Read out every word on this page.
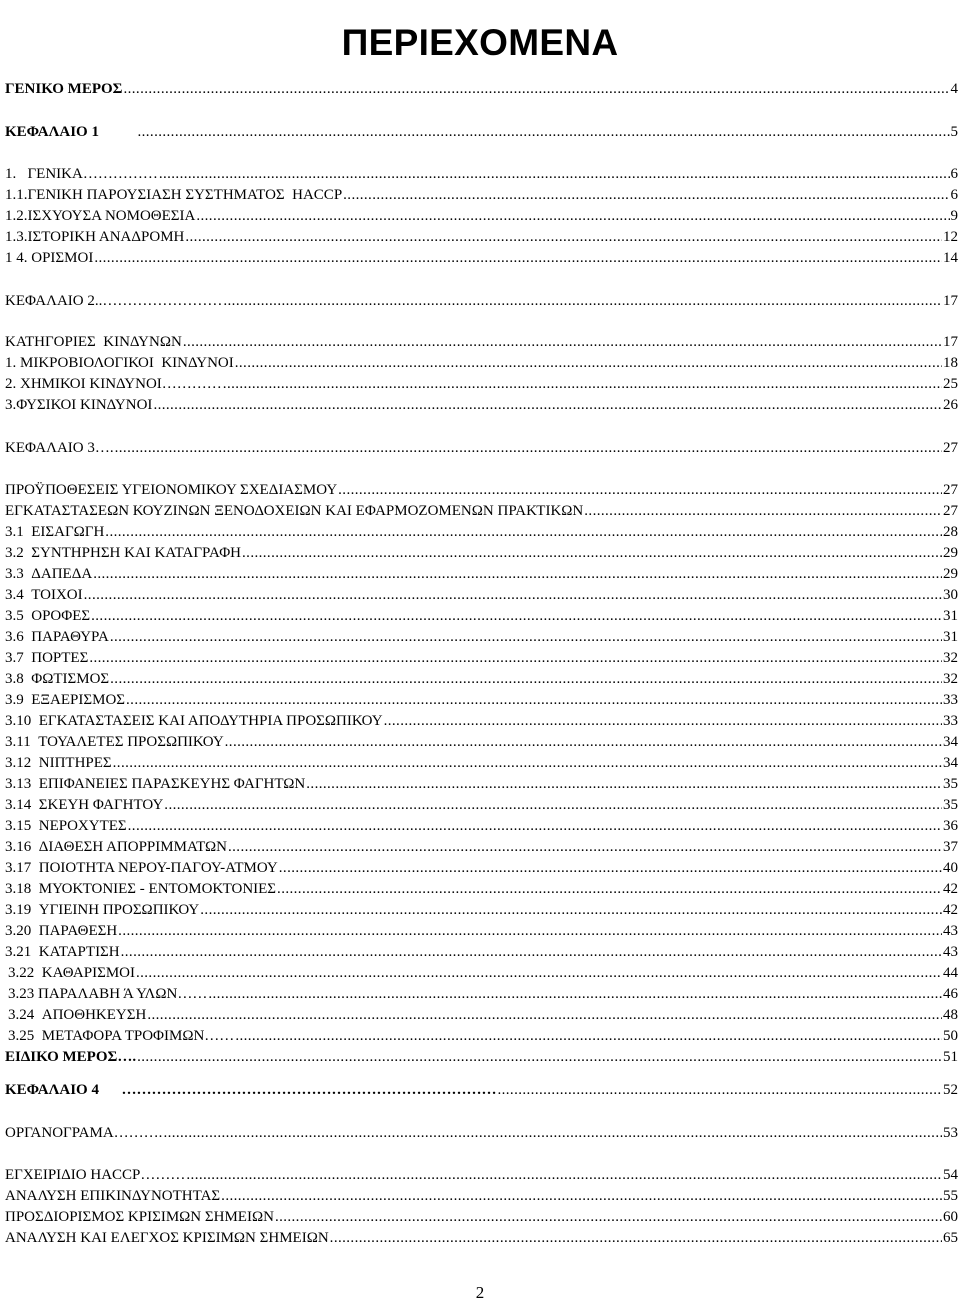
ΠΕΡΙΕΧΟΜΕΝΑ
ΓΕΝΙΚΟ ΜΕΡΟΣ .....	4
ΚΕΦΑΛΑΙΟ 1 .....	5
1.   ΓΕΝΙΚΑ…………… .....	6
1.1.ΓΕΝΙΚΗ ΠΑΡΟΥΣΙΑΣΗ ΣΥΣΤΗΜΑΤΟΣ  HACCP .....	6
1.2.ΙΣΧΥΟΥΣΑ ΝΟΜΟΘΕΣΙΑ .....	9
1.3.ΙΣΤΟΡΙΚΗ ΑΝΑΔΡΟΜΗ .....	12
1 4. ΟΡΙΣΜΟΙ .....	14
ΚΕΦΑΛΑΙΟ 2..…………………… .....	17
ΚΑΤΗΓΟΡΙΕΣ  ΚΙΝΔΥΝΩΝ .....	17
1. ΜΙΚΡΟΒΙΟΛΟΓΙΚΟΙ  ΚΙΝΔΥΝΟΙ .....	18
2. ΧΗΜΙΚΟΙ ΚΙΝΔΥΝΟΙ………… .....	25
3.ΦΥΣΙΚΟΙ ΚΙΝΔΥΝΟΙ .....	26
ΚΕΦΑΛΑΙΟ 3…. .....	27
ΠΡΟΫΠΟΘΕΣΕΙΣ ΥΓΕΙΟΝΟΜΙΚΟΥ ΣΧΕΔΙΑΣΜΟΥ .....	27
ΕΓΚΑΤΑΣΤΑΣΕΩΝ ΚΟΥΖΙΝΩΝ ΞΕΝΟΔΟΧΕΙΩΝ ΚΑΙ ΕΦΑΡΜΟΖΟΜΕΝΩΝ ΠΡΑΚΤΙΚΩΝ .....	27
3.1  ΕΙΣΑΓΩΓΗ .....	28
3.2  ΣΥΝΤΗΡΗΣΗ ΚΑΙ ΚΑΤΑΓΡΑΦΗ .....	29
3.3  ΔΑΠΕΔΑ .....	29
3.4  ΤΟΙΧΟΙ .....	30
3.5  ΟΡΟΦΕΣ .....	31
3.6  ΠΑΡΑΘΥΡΑ .....	31
3.7  ΠΟΡΤΕΣ .....	32
3.8  ΦΩΤΙΣΜΟΣ .....	32
3.9  ΕΞΑΕΡΙΣΜΟΣ .....	33
3.10  ΕΓΚΑΤΑΣΤΑΣΕΙΣ ΚΑΙ ΑΠΟΔΥΤΗΡΙΑ ΠΡΟΣΩΠΙΚΟΥ .....	33
3.11  ΤΟΥΑΛΕΤΕΣ ΠΡΟΣΩΠΙΚΟΥ .....	34
3.12  ΝΙΠΤΗΡΕΣ .....	34
3.13  ΕΠΙΦΑΝΕΙΕΣ ΠΑΡΑΣΚΕΥΗΣ ΦΑΓΗΤΩΝ .....	35
3.14  ΣΚΕΥΗ ΦΑΓΗΤΟΥ .....	35
3.15  ΝΕΡΟΧΥΤΕΣ .....	36
3.16  ΔΙΑΘΕΣΗ ΑΠΟΡΡΙΜΜΑΤΩΝ .....	37
3.17  ΠΟΙΟΤΗΤΑ ΝΕΡΟΥ-ΠΑΓΟΥ-ΑΤΜΟΥ .....	40
3.18  ΜΥΟΚΤΟΝΙΕΣ - ΕΝΤΟΜΟΚΤΟΝΙΕΣ .....	42
3.19  ΥΓΙΕΙΝΗ ΠΡΟΣΩΠΙΚΟΥ .....	42
3.20  ΠΑΡΑΘΕΣΗ .....	43
3.21  ΚΑΤΑΡΤΙΣΗ .....	43
3.22  ΚΑΘΑΡΙΣΜΟΙ .....	44
3.23 ΠΑΡΑΛΑΒΗ Ά ΥΛΩΝ…… .....	46
3.24  ΑΠΟΘΗΚΕΥΣΗ .....	48
3.25  ΜΕΤΑΦΟΡΑ ΤΡΟΦΙΜΩΝ…… .....	50
ΕΙΔΙΚΟ ΜΕΡΟΣ…. .....	51
ΚΕΦΑΛΑΙΟ 4      ………………………………………………………………… .....	52
ΟΡΓΑΝΟΓΡΑΜΑ………. .....	53
ΕΓΧΕΙΡΙΔΙΟ HACCP……… .....	54
ΑΝΑΛΥΣΗ ΕΠΙΚΙΝΔΥΝΟΤΗΤΑΣ .....	55
ΠΡΟΣΔΙΟΡΙΣΜΟΣ ΚΡΙΣΙΜΩΝ ΣΗΜΕΙΩΝ .....	60
ΑΝΑΛΥΣΗ ΚΑΙ ΕΛΕΓΧΟΣ ΚΡΙΣΙΜΩΝ ΣΗΜΕΙΩΝ .....	65
2
